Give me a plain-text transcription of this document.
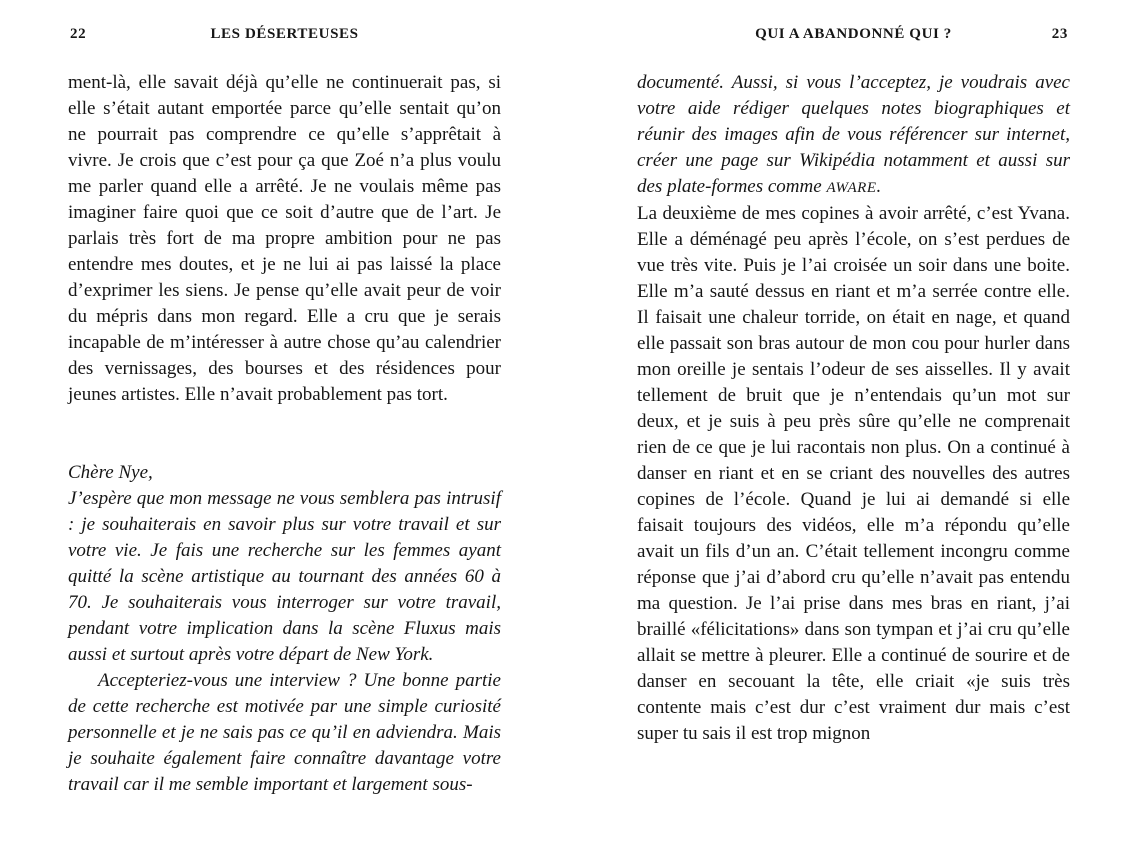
22	LES DÉSERTEUSES

ment-là, elle savait déjà qu’elle ne continuerait pas, si elle s’était autant emportée parce qu’elle sentait qu’on ne pourrait pas comprendre ce qu’elle s’apprêtait à vivre. Je crois que c’est pour ça que Zoé n’a plus voulu me parler quand elle a arrêté. Je ne voulais même pas imaginer faire quoi que ce soit d’autre que de l’art. Je parlais très fort de ma propre ambition pour ne pas entendre mes doutes, et je ne lui ai pas laissé la place d’exprimer les siens. Je pense qu’elle avait peur de voir du mépris dans mon regard. Elle a cru que je serais incapable de m’intéresser à autre chose qu’au calendrier des vernissages, des bourses et des résidences pour jeunes artistes. Elle n’avait probablement pas tort.

Chère Nye,

J’espère que mon message ne vous semblera pas intrusif : je souhaiterais en savoir plus sur votre travail et sur votre vie. Je fais une recherche sur les femmes ayant quitté la scène artistique au tournant des années 60 à 70. Je souhaiterais vous interroger sur votre travail, pendant votre implication dans la scène Fluxus mais aussi et surtout après votre départ de New York.

Accepteriez-vous une interview ? Une bonne partie de cette recherche est motivée par une simple curiosité personnelle et je ne sais pas ce qu’il en adviendra. Mais je souhaite également faire connaître davantage votre travail car il me semble important et largement sous-

QUI A ABANDONNÉ QUI ?	23

documenté. Aussi, si vous l’acceptez, je voudrais avec votre aide rédiger quelques notes biographiques et réunir des images afin de vous référencer sur internet, créer une page sur Wikipédia notamment et aussi sur des plate-formes comme AWARE.

La deuxième de mes copines à avoir arrêté, c’est Yvana. Elle a déménagé peu après l’école, on s’est perdues de vue très vite. Puis je l’ai croisée un soir dans une boite. Elle m’a sauté dessus en riant et m’a serrée contre elle. Il faisait une chaleur torride, on était en nage, et quand elle passait son bras autour de mon cou pour hurler dans mon oreille je sentais l’odeur de ses aisselles. Il y avait tellement de bruit que je n’entendais qu’un mot sur deux, et je suis à peu près sûre qu’elle ne comprenait rien de ce que je lui racontais non plus. On a continué à danser en riant et en se criant des nouvelles des autres copines de l’école. Quand je lui ai demandé si elle faisait toujours des vidéos, elle m’a répondu qu’elle avait un fils d’un an. C’était tellement incongru comme réponse que j’ai d’abord cru qu’elle n’avait pas entendu ma question. Je l’ai prise dans mes bras en riant, j’ai braillé «félicitations» dans son tympan et j’ai cru qu’elle allait se mettre à pleurer. Elle a continué de sourire et de danser en secouant la tête, elle criait «je suis très contente mais c’est dur c’est vraiment dur mais c’est super tu sais il est trop mignon
